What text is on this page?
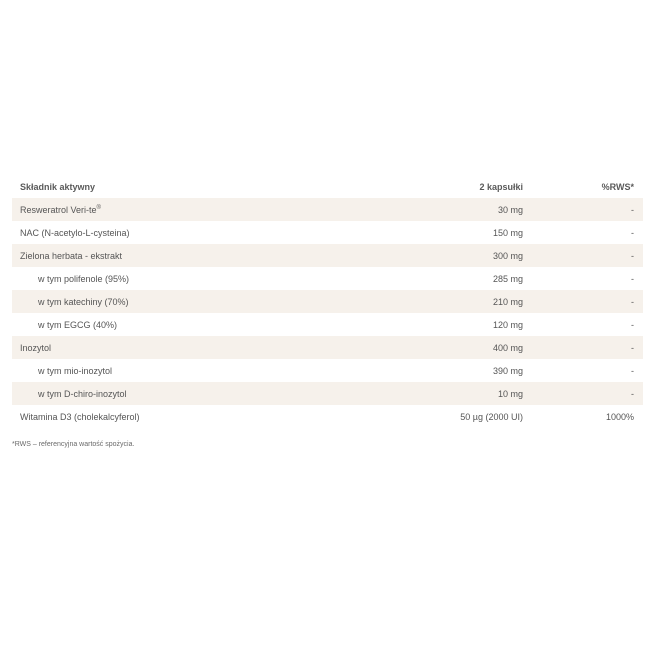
Składnik aktywny	2 kapsułki	%RWS*
Resweratrol Veri-te®	30 mg	-
NAC (N-acetylo-L-cysteina)	150 mg	-
Zielona herbata - ekstrakt	300 mg	-
w tym polifenole (95%)	285 mg	-
w tym katechiny (70%)	210 mg	-
w tym EGCG (40%)	120 mg	-
Inozytol	400 mg	-
w tym mio-inozytol	390 mg	-
w tym D-chiro-inozytol	10 mg	-
Witamina D3 (cholekalcyferol)	50 µg (2000 UI)	1000%
*RWS – referencyjna wartość spożycia.
